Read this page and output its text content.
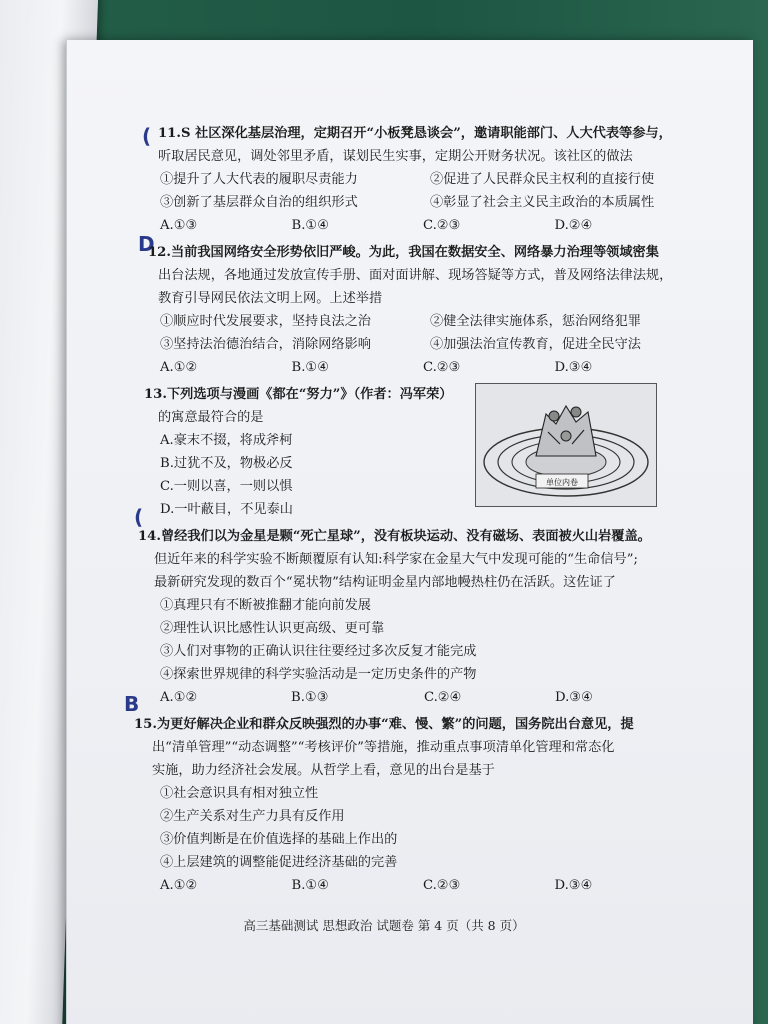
(
D
(
B
11.S 社区深化基层治理，定期召开“小板凳恳谈会”，邀请职能部门、人大代表等参与，
听取居民意见，调处邻里矛盾，谋划民生实事，定期公开财务状况。该社区的做法
①提升了人大代表的履职尽责能力	②促进了人民群众民主权利的直接行使
③创新了基层群众自治的组织形式	④彰显了社会主义民主政治的本质属性
A.①③	B.①④	C.②③	D.②④
12.当前我国网络安全形势依旧严峻。为此，我国在数据安全、网络暴力治理等领域密集
出台法规，各地通过发放宣传手册、面对面讲解、现场答疑等方式，普及网络法律法规，
教育引导网民依法文明上网。上述举措
①顺应时代发展要求，坚持良法之治	②健全法律实施体系，惩治网络犯罪
③坚持法治德治结合，消除网络影响	④加强法治宣传教育，促进全民守法
A.①②	B.①④	C.②③	D.③④
13.下列选项与漫画《都在“努力”》（作者：冯军荣）
的寓意最符合的是
A.豪末不掇，将成斧柯
B.过犹不及，物极必反
C.一则以喜，一则以惧
D.一叶蔽目，不见泰山
14.曾经我们以为金星是颗“死亡星球”，没有板块运动、没有磁场、表面被火山岩覆盖。
但近年来的科学实验不断颠覆原有认知:科学家在金星大气中发现可能的“生命信号”;
最新研究发现的数百个“冕状物”结构证明金星内部地幔热柱仍在活跃。这佐证了
①真理只有不断被推翻才能向前发展
②理性认识比感性认识更高级、更可靠
③人们对事物的正确认识往往要经过多次反复才能完成
④探索世界规律的科学实验活动是一定历史条件的产物
A.①②	B.①③	C.②④	D.③④
15.为更好解决企业和群众反映强烈的办事“难、慢、繁”的问题，国务院出台意见，提
出“清单管理”“动态调整”“考核评价”等措施，推动重点事项清单化管理和常态化
实施，助力经济社会发展。从哲学上看，意见的出台是基于
①社会意识具有相对独立性
②生产关系对生产力具有反作用
③价值判断是在价值选择的基础上作出的
④上层建筑的调整能促进经济基础的完善
A.①②	B.①④	C.②③	D.③④
单位内卷
高三基础测试 思想政治 试题卷 第 4 页（共 8 页）
